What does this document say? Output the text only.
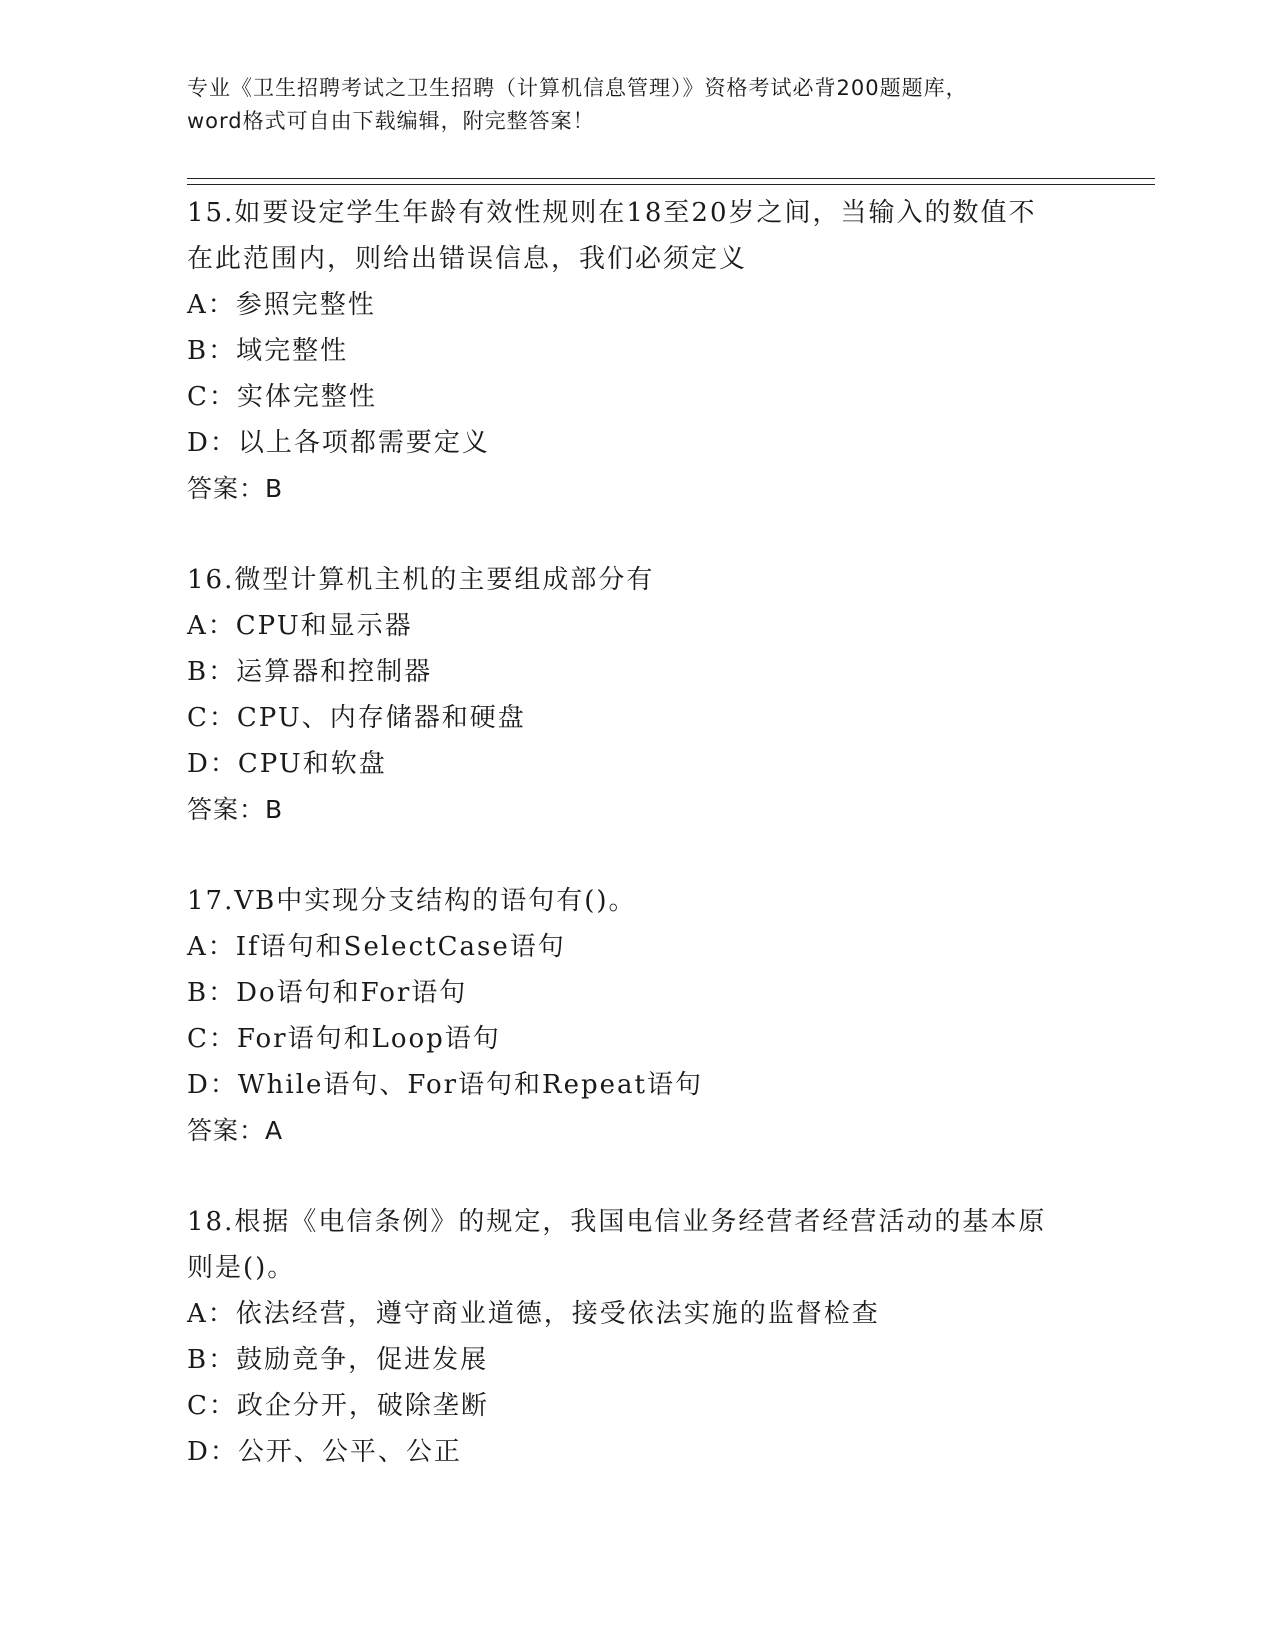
专业《卫生招聘考试之卫生招聘（计算机信息管理）》资格考试必背200题题库，
word格式可自由下载编辑，附完整答案！
15.如要设定学生年龄有效性规则在18至20岁之间，当输入的数值不
在此范围内，则给出错误信息，我们必须定义
A：参照完整性
B：域完整性
C：实体完整性
D：以上各项都需要定义
答案：B
16.微型计算机主机的主要组成部分有
A：CPU和显示器
B：运算器和控制器
C：CPU、内存储器和硬盘
D：CPU和软盘
答案：B
17.VB中实现分支结构的语句有()。
A：If语句和SelectCase语句
B：Do语句和For语句
C：For语句和Loop语句
D：While语句、For语句和Repeat语句
答案：A
18.根据《电信条例》的规定，我国电信业务经营者经营活动的基本原
则是()。
A：依法经营，遵守商业道德，接受依法实施的监督检查
B：鼓励竞争，促进发展
C：政企分开，破除垄断
D：公开、公平、公正
